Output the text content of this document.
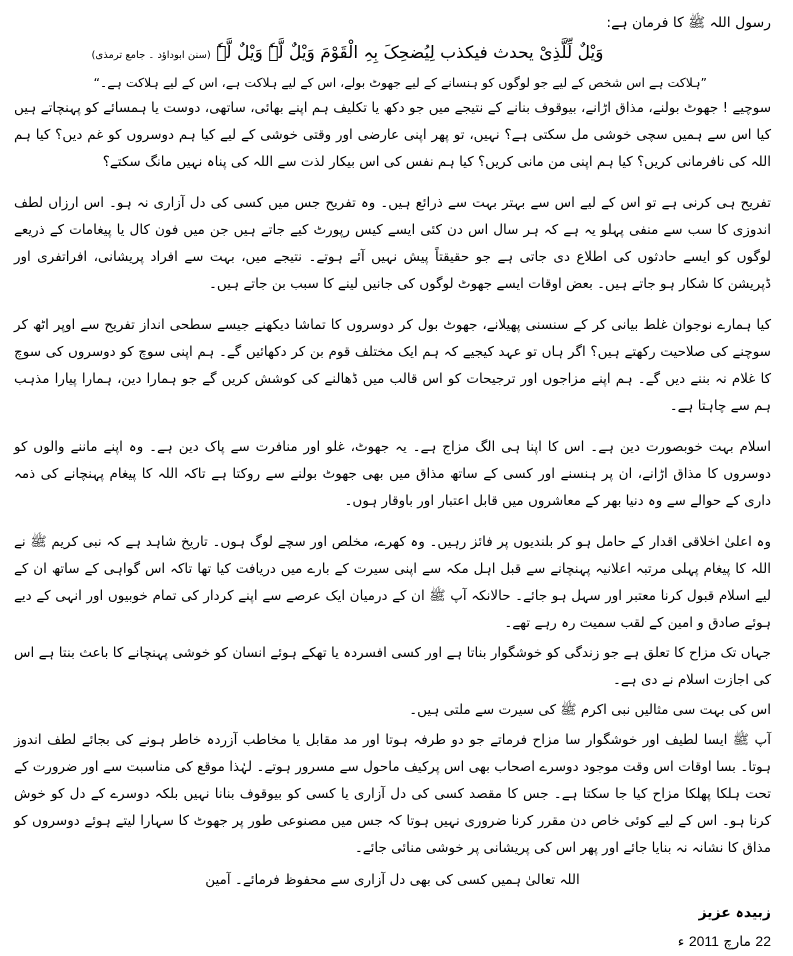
رسول اللہ ﷺ کا فرمان ہے:

وَیْلٌ لِّلَّذِیْ یحدث فیکذب لِیُضحِکَ بِہِ الْقَوْمَ وَیْلٌ لَّہٗ وَیْلٌ لَّہٗ (سنن ابوداؤد ۔ جامع ترمذی)

”ہلاکت ہے اس شخص کے لیے جو لوگوں کو ہنسانے کے لیے جھوٹ بولے، اس کے لیے ہلاکت ہے، اس کے لیے ہلاکت ہے۔“

سوچیے ! جھوٹ بولنے، مذاق اڑانے، بیوقوف بنانے کے نتیجے میں جو دکھ یا تکلیف ہم اپنے بھائی، ساتھی، دوست یا ہمسائے کو پہنچاتے ہیں کیا اس سے ہمیں سچی خوشی مل سکتی ہے؟ نہیں، تو پھر اپنی عارضی اور وقتی خوشی کے لیے کیا ہم دوسروں کو غم دیں؟ کیا ہم اللہ کی نافرمانی کریں؟ کیا ہم اپنی من مانی کریں؟ کیا ہم نفس کی اس بیکار لذت سے اللہ کی پناہ نہیں مانگ سکتے؟

تفریح ہی کرنی ہے تو اس کے لیے اس سے بہتر بہت سے ذرائع ہیں۔ وہ تفریح جس میں کسی کی دل آزاری نہ ہو۔ اس ارزاں لطف اندوزی کا سب سے منفی پہلو یہ ہے کہ ہر سال اس دن کئی ایسے کیس رپورٹ کیے جاتے ہیں جن میں فون کال یا پیغامات کے ذریعے لوگوں کو ایسے حادثوں کی اطلاع دی جاتی ہے جو حقیقتاً پیش نہیں آئے ہوتے۔ نتیجے میں، بہت سے افراد پریشانی، افراتفری اور ڈپریشن کا شکار ہو جاتے ہیں۔ بعض اوقات ایسے جھوٹ لوگوں کی جانیں لینے کا سبب بن جاتے ہیں۔

کیا ہمارے نوجوان غلط بیانی کر کے سنسنی پھیلانے، جھوٹ بول کر دوسروں کا تماشا دیکھنے جیسے سطحی انداز تفریح سے اوپر اٹھ کر سوچنے کی صلاحیت رکھتے ہیں؟ اگر ہاں تو عہد کیجیے کہ ہم ایک مختلف قوم بن کر دکھائیں گے۔ ہم اپنی سوچ کو دوسروں کی سوچ کا غلام نہ بننے دیں گے۔ ہم اپنے مزاجوں اور ترجیحات کو اس قالب میں ڈھالنے کی کوشش کریں گے جو ہمارا دین، ہمارا پیارا مذہب ہم سے چاہتا ہے۔

اسلام بہت خوبصورت دین ہے۔ اس کا اپنا ہی الگ مزاج ہے۔ یہ جھوٹ، غلو اور منافرت سے پاک دین ہے۔ وہ اپنے ماننے والوں کو دوسروں کا مذاق اڑانے، ان پر ہنسنے اور کسی کے ساتھ مذاق میں بھی جھوٹ بولنے سے روکتا ہے تاکہ اللہ کا پیغام پہنچانے کی ذمہ داری کے حوالے سے وہ دنیا بھر کے معاشروں میں قابل اعتبار اور باوقار ہوں۔

وہ اعلیٰ اخلاقی اقدار کے حامل ہو کر بلندیوں پر فائز رہیں۔ وہ کھرے، مخلص اور سچے لوگ ہوں۔ تاریخ شاہد ہے کہ نبی کریم ﷺ نے اللہ کا پیغام پہلی مرتبہ اعلانیہ پہنچانے سے قبل اہل مکہ سے اپنی سیرت کے بارے میں دریافت کیا تھا تاکہ اس گواہی کے ساتھ ان کے لیے اسلام قبول کرنا معتبر اور سہل ہو جائے۔ حالانکہ آپ ﷺ ان کے درمیان ایک عرصے سے اپنے کردار کی تمام خوبیوں اور انہی کے دیے ہوئے صادق و امین کے لقب سمیت رہ رہے تھے۔

جہاں تک مزاح کا تعلق ہے جو زندگی کو خوشگوار بناتا ہے اور کسی افسردہ یا تھکے ہوئے انسان کو خوشی پہنچانے کا باعث بنتا ہے اس کی اجازت اسلام نے دی ہے۔

اس کی بہت سی مثالیں نبی اکرم ﷺ کی سیرت سے ملتی ہیں۔

آپ ﷺ ایسا لطیف اور خوشگوار سا مزاح فرماتے جو دو طرفہ ہوتا اور مد مقابل یا مخاطب آزردہ خاطر ہونے کی بجائے لطف اندوز ہوتا۔ بسا اوقات اس وقت موجود دوسرے اصحاب بھی اس پرکیف ماحول سے مسرور ہوتے۔ لہٰذا موقع کی مناسبت سے اور ضرورت کے تحت ہلکا پھلکا مزاح کیا جا سکتا ہے۔ جس کا مقصد کسی کی دل آزاری یا کسی کو بیوقوف بنانا نہیں بلکہ دوسرے کے دل کو خوش کرنا ہو۔ اس کے لیے کوئی خاص دن مقرر کرنا ضروری نہیں ہوتا کہ جس میں مصنوعی طور پر جھوٹ کا سہارا لیتے ہوئے دوسروں کو مذاق کا نشانہ نہ بنایا جائے اور پھر اس کی پریشانی پر خوشی منائی جائے۔

اللہ تعالیٰ ہمیں کسی کی بھی دل آزاری سے محفوظ فرمائے۔ آمین

زبیدہ عزیز

22 مارچ 2011 ء
